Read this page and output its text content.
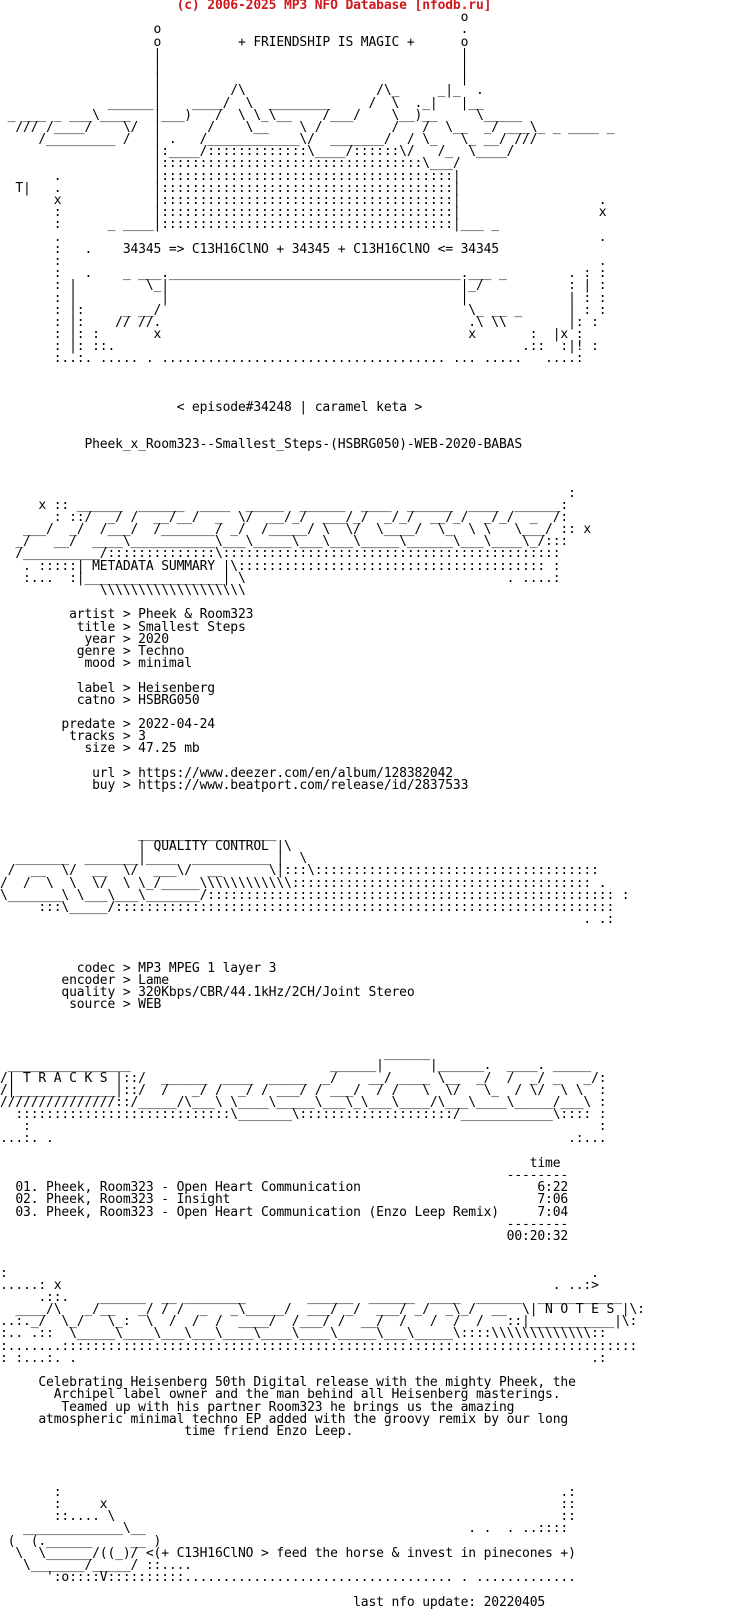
(c) 2006-2025 MP3 NFO Database [nfodb.ru]
o
o                                       .
o          + FRIENDSHIP IS MAGIC +      o
|                                       |
|                                       |
|                                       |
|         /\                 /\_     _|_  .
______|    ____/  \  ________     /  \  ._|   |__
_ ___ _ ___\____   |___)   /  \ \_\__    /___/    \__)__     \_____
/// /____/    \/  |      /    \__    \ /         /   /  \__  _/ ___\_ _ ____ _
/_________ /   | .   /____________\/  _______/  / \_   \_ __/ ///
|:____/:::::::::::::\____/::::::\/   /_  \____/
|::::::::::::::::::::::::::::::::::\___/
.            |::::::::::::::::::::::::::::::::::::::|
T|   .            |::::::::::::::::::::::::::::::::::::::|
x            |::::::::::::::::::::::::::::::::::::::|                  .
:            |::::::::::::::::::::::::::::::::::::::|                  x
:      _ ____|::::::::::::::::::::::::::::::::::::::|___ _
.                                                                      .
:   .    34345 => C13H16ClNO + 34345 + C13H16ClNO <= 34345
:                                                                      .
:   .    _ ___.______________________________________.___ _        . : :
: |         \_|                                      |_/           : | :
: |           |                                      |             | : :
: |:     _ __/                                        \_ __ _      | : :
: |:    // //.                                        .\ \\        |: :
: |: :       x                                        x       :  |x :
: |: ::.                                                     .::  :|! :
:..:. ..... . ..................................... ... .....   ....:
< episode#34248 | caramel keta >
Pheek_x_Room323--Smallest_Steps-(HSBRG050)-WEB-2020-BABAS
:
x :: ______  ______  ____  _____  ______  ____  ______  ____  ______:
: ::/  _/ /  __/__/  _  \/  __/_/  ___/_/  _/_/  __/_/  _/_/  _  /:
___/  _/  /___/  /_______/ _/  /_____/ \  \/  \____/  \_  \ \   \___/ :: x
_/   __/  ____\___________\___\_____\___\___\_____\______\___\____\_/:::
/__________/::::::::::::::\::::::::::::::::::::::::::::::::::::::::::::
. :::::| METADATA SUMMARY |\:::::::::::::::::::::::::::::::::::::::: :
:...  :|__________________| \                                  . ....:
\\\\\\\\\\\\\\\\\\\
artist > Pheek & Room323
title > Smallest Steps
year > 2020
genre > Techno
mood > minimal
label > Heisenberg
catno > HSBRG050
predate > 2022-04-24
tracks > 3
size > 47.25 mb
url > https://www.deezer.com/en/album/128382042
buy > https://www.beatport.com/release/id/2837533
__________________
| QUALITY CONTROL |\
_______  _______|____  __________ |  \
/  __  \/  __  \/  ___\/  __      \|:::\:::::::::::::::::::::::::::::::::::::
/  /  \  \  \/  \ \_/_____\\\\\\\\\\\\::::::::::::::::::::::::::::::::::::::: .
\_______\ \___\___\_______/::::::::::::::::::::::::::::::::::::::::::::::::::::: :
:::\_____/:::::::::::::::::::::::::::::::::::::::::::::::::::::::::::::::::
. .:
codec > MP3 MPEG 1 layer 3
encoder > Lame
quality > 320Kbps/CBR/44.1kHz/2CH/Joint Stereo
source > WEB
______
________________                          ______|      |______.  ____. _____
/| T R A C K S |::/  ______  ____  _____  _/    __/ ____ \__  _/  /  _/ _   _/:
/|_____________|::/  /   _/ /  _/ / ___/ / ___/  / /   \  \/   \_  / \/  \ \  :
///////////////::/_____/\___\ \____\_____\___\_\___\____/\___\____\_____/___\ :
::::::::::::::::::::::::::::\_______\::::::::::::::::::::/____________\:::: :
:                                                                          :
...:. .                                                                   .:...
time
--------
01. Pheek, Room323 - Open Heart Communication                       6:22
02. Pheek, Room323 - Insight                                        7:06
03. Pheek, Room323 - Open Heart Communication (Enzo Leep Remix)     7:04
--------
00:20:32
:                                                                            .
.....: x                                                                . ..:>
.::.    ______  __ ________        ______  ______  ____  ______  ___________
____/\   _/__   _/ / /  _   _\_____/  ___/ _/  ___/ _/  _\_/  __  \| N O T E S |\:
..:._/  \_/   \_:  \  /  /  /  ____/  /___/ /  __/  /   /  /  /   ::|___________|\:
:.. .::  \_____\____\___\___\____\____\____\_____\___\_____\::::\\\\\\\\\\\\\::
:.......:::::::::::::::::::::::::::::::::::::::::::::::::::::::::::::::::::::::::::
: :...:. .                                                                   .:
Celebrating Heisenberg 50th Digital release with the mighty Pheek, the
Archipel label owner and the man behind all Heisenberg masterings.
Teamed up with his partner Room323 he brings us the amazing
atmospheric minimal techno EP added with the groovy remix by our long
time friend Enzo Leep.
:                                                                 .:
:     x                                                           ::
::.... \                                                          ::
_____________\__                                          . .  . ..::::
(  (.______     __ )
\  \______/((_)/ <(+ C13H16ClNO > feed the horse & invest in pinecones +)
\_______/_____/ ::....
':o::::V::::::::::................................... . .............
last nfo update: 20220405
